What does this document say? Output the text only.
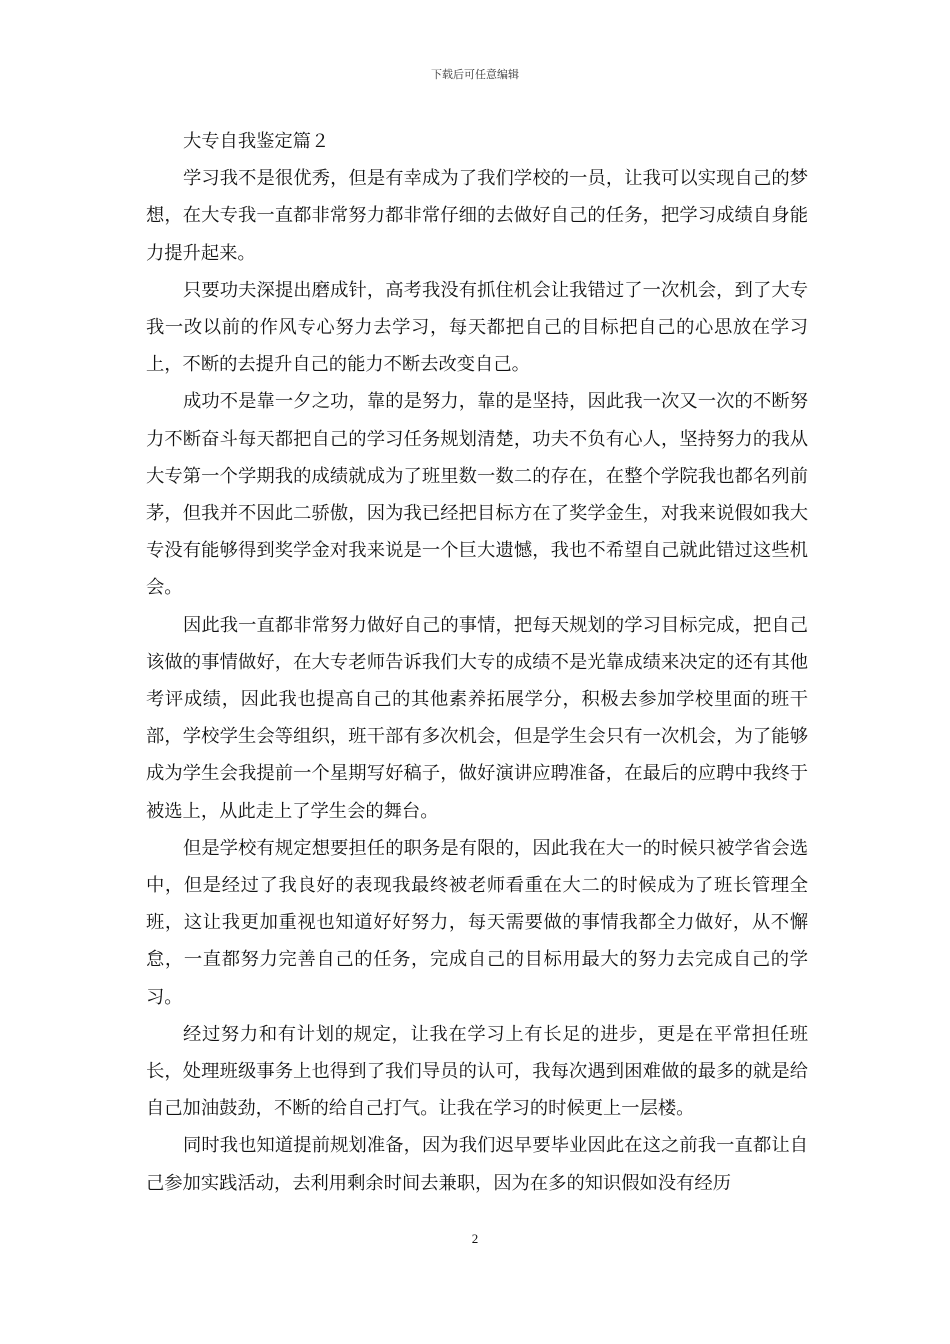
下载后可任意编辑

大专自我鉴定篇２

学习我不是很优秀，但是有幸成为了我们学校的一员，让我可以实现自己的梦想，在大专我一直都非常努力都非常仔细的去做好自己的任务，把学习成绩自身能力提升起来。

只要功夫深提出磨成针，高考我没有抓住机会让我错过了一次机会，到了大专我一改以前的作风专心努力去学习，每天都把自己的目标把自己的心思放在学习上，不断的去提升自己的能力不断去改变自己。

成功不是靠一夕之功，靠的是努力，靠的是坚持，因此我一次又一次的不断努力不断奋斗每天都把自己的学习任务规划清楚，功夫不负有心人，坚持努力的我从大专第一个学期我的成绩就成为了班里数一数二的存在，在整个学院我也都名列前茅，但我并不因此二骄傲，因为我已经把目标方在了奖学金生，对我来说假如我大专没有能够得到奖学金对我来说是一个巨大遗憾，我也不希望自己就此错过这些机会。

因此我一直都非常努力做好自己的事情，把每天规划的学习目标完成，把自己该做的事情做好，在大专老师告诉我们大专的成绩不是光靠成绩来决定的还有其他考评成绩，因此我也提高自己的其他素养拓展学分，积极去参加学校里面的班干部，学校学生会等组织，班干部有多次机会，但是学生会只有一次机会，为了能够成为学生会我提前一个星期写好稿子，做好演讲应聘准备，在最后的应聘中我终于被选上，从此走上了学生会的舞台。

但是学校有规定想要担任的职务是有限的，因此我在大一的时候只被学省会选中，但是经过了我良好的表现我最终被老师看重在大二的时候成为了班长管理全班，这让我更加重视也知道好好努力，每天需要做的事情我都全力做好，从不懈怠，一直都努力完善自己的任务，完成自己的目标用最大的努力去完成自己的学习。

经过努力和有计划的规定，让我在学习上有长足的进步，更是在平常担任班长，处理班级事务上也得到了我们导员的认可，我每次遇到困难做的最多的就是给自己加油鼓劲，不断的给自己打气。让我在学习的时候更上一层楼。

同时我也知道提前规划准备，因为我们迟早要毕业因此在这之前我一直都让自己参加实践活动，去利用剩余时间去兼职，因为在多的知识假如没有经历

2
